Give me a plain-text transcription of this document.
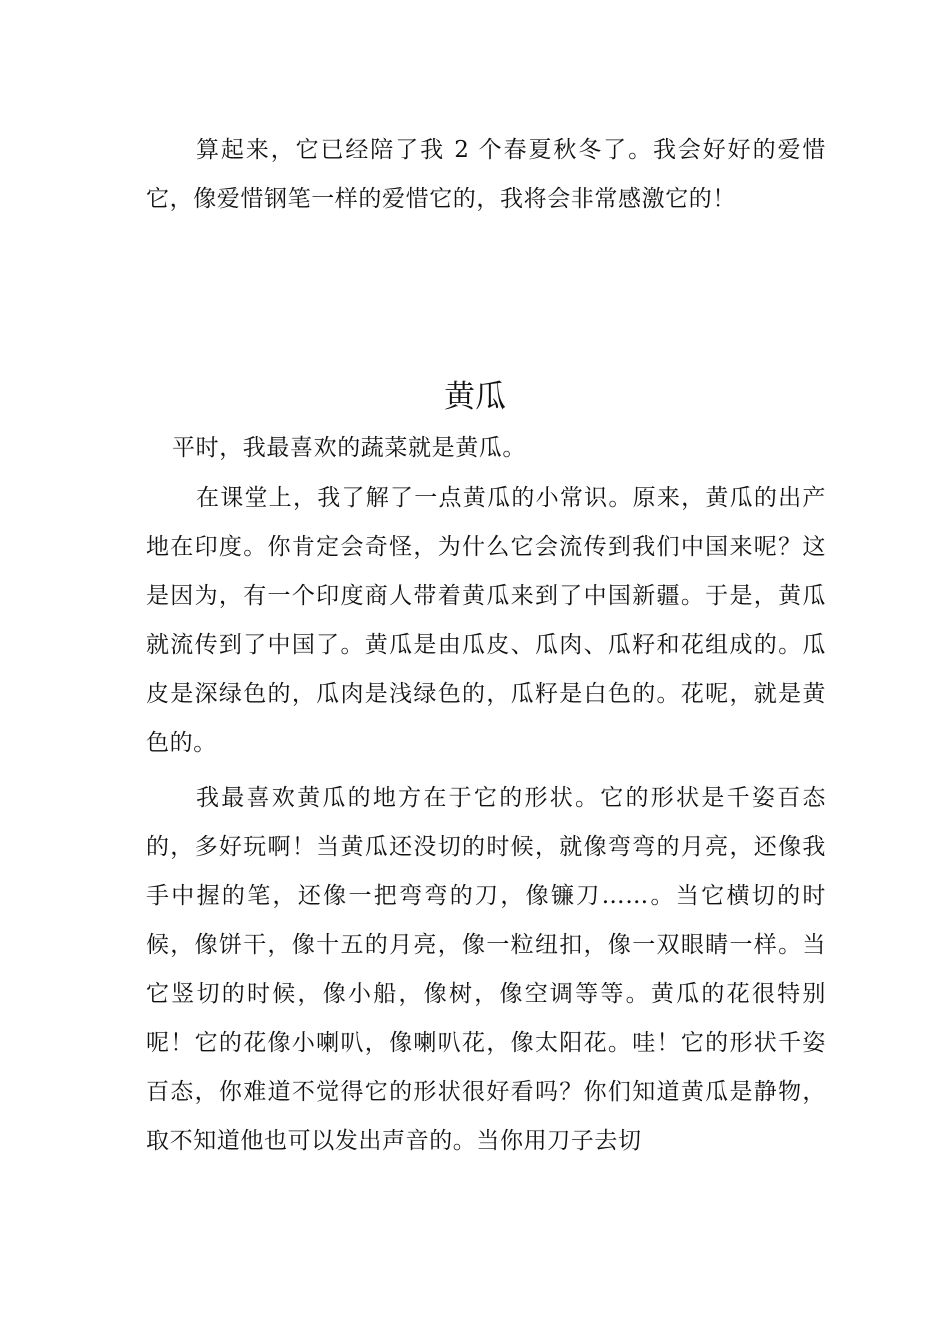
算起来，它已经陪了我 2 个春夏秋冬了。我会好好的爱惜它，像爱惜钢笔一样的爱惜它的，我将会非常感激它的！

黄瓜

平时，我最喜欢的蔬菜就是黄瓜。

在课堂上，我了解了一点黄瓜的小常识。原来，黄瓜的出产地在印度。你肯定会奇怪，为什么它会流传到我们中国来呢？这是因为，有一个印度商人带着黄瓜来到了中国新疆。于是，黄瓜就流传到了中国了。黄瓜是由瓜皮、瓜肉、瓜籽和花组成的。瓜皮是深绿色的，瓜肉是浅绿色的，瓜籽是白色的。花呢，就是黄色的。

我最喜欢黄瓜的地方在于它的形状。它的形状是千姿百态的，多好玩啊！当黄瓜还没切的时候，就像弯弯的月亮，还像我手中握的笔，还像一把弯弯的刀，像镰刀……。当它横切的时候，像饼干，像十五的月亮，像一粒纽扣，像一双眼睛一样。当它竖切的时候，像小船，像树，像空调等等。黄瓜的花很特别呢！它的花像小喇叭，像喇叭花，像太阳花。哇！它的形状千姿百态，你难道不觉得它的形状很好看吗？你们知道黄瓜是静物，取不知道他也可以发出声音的。当你用刀子去切
